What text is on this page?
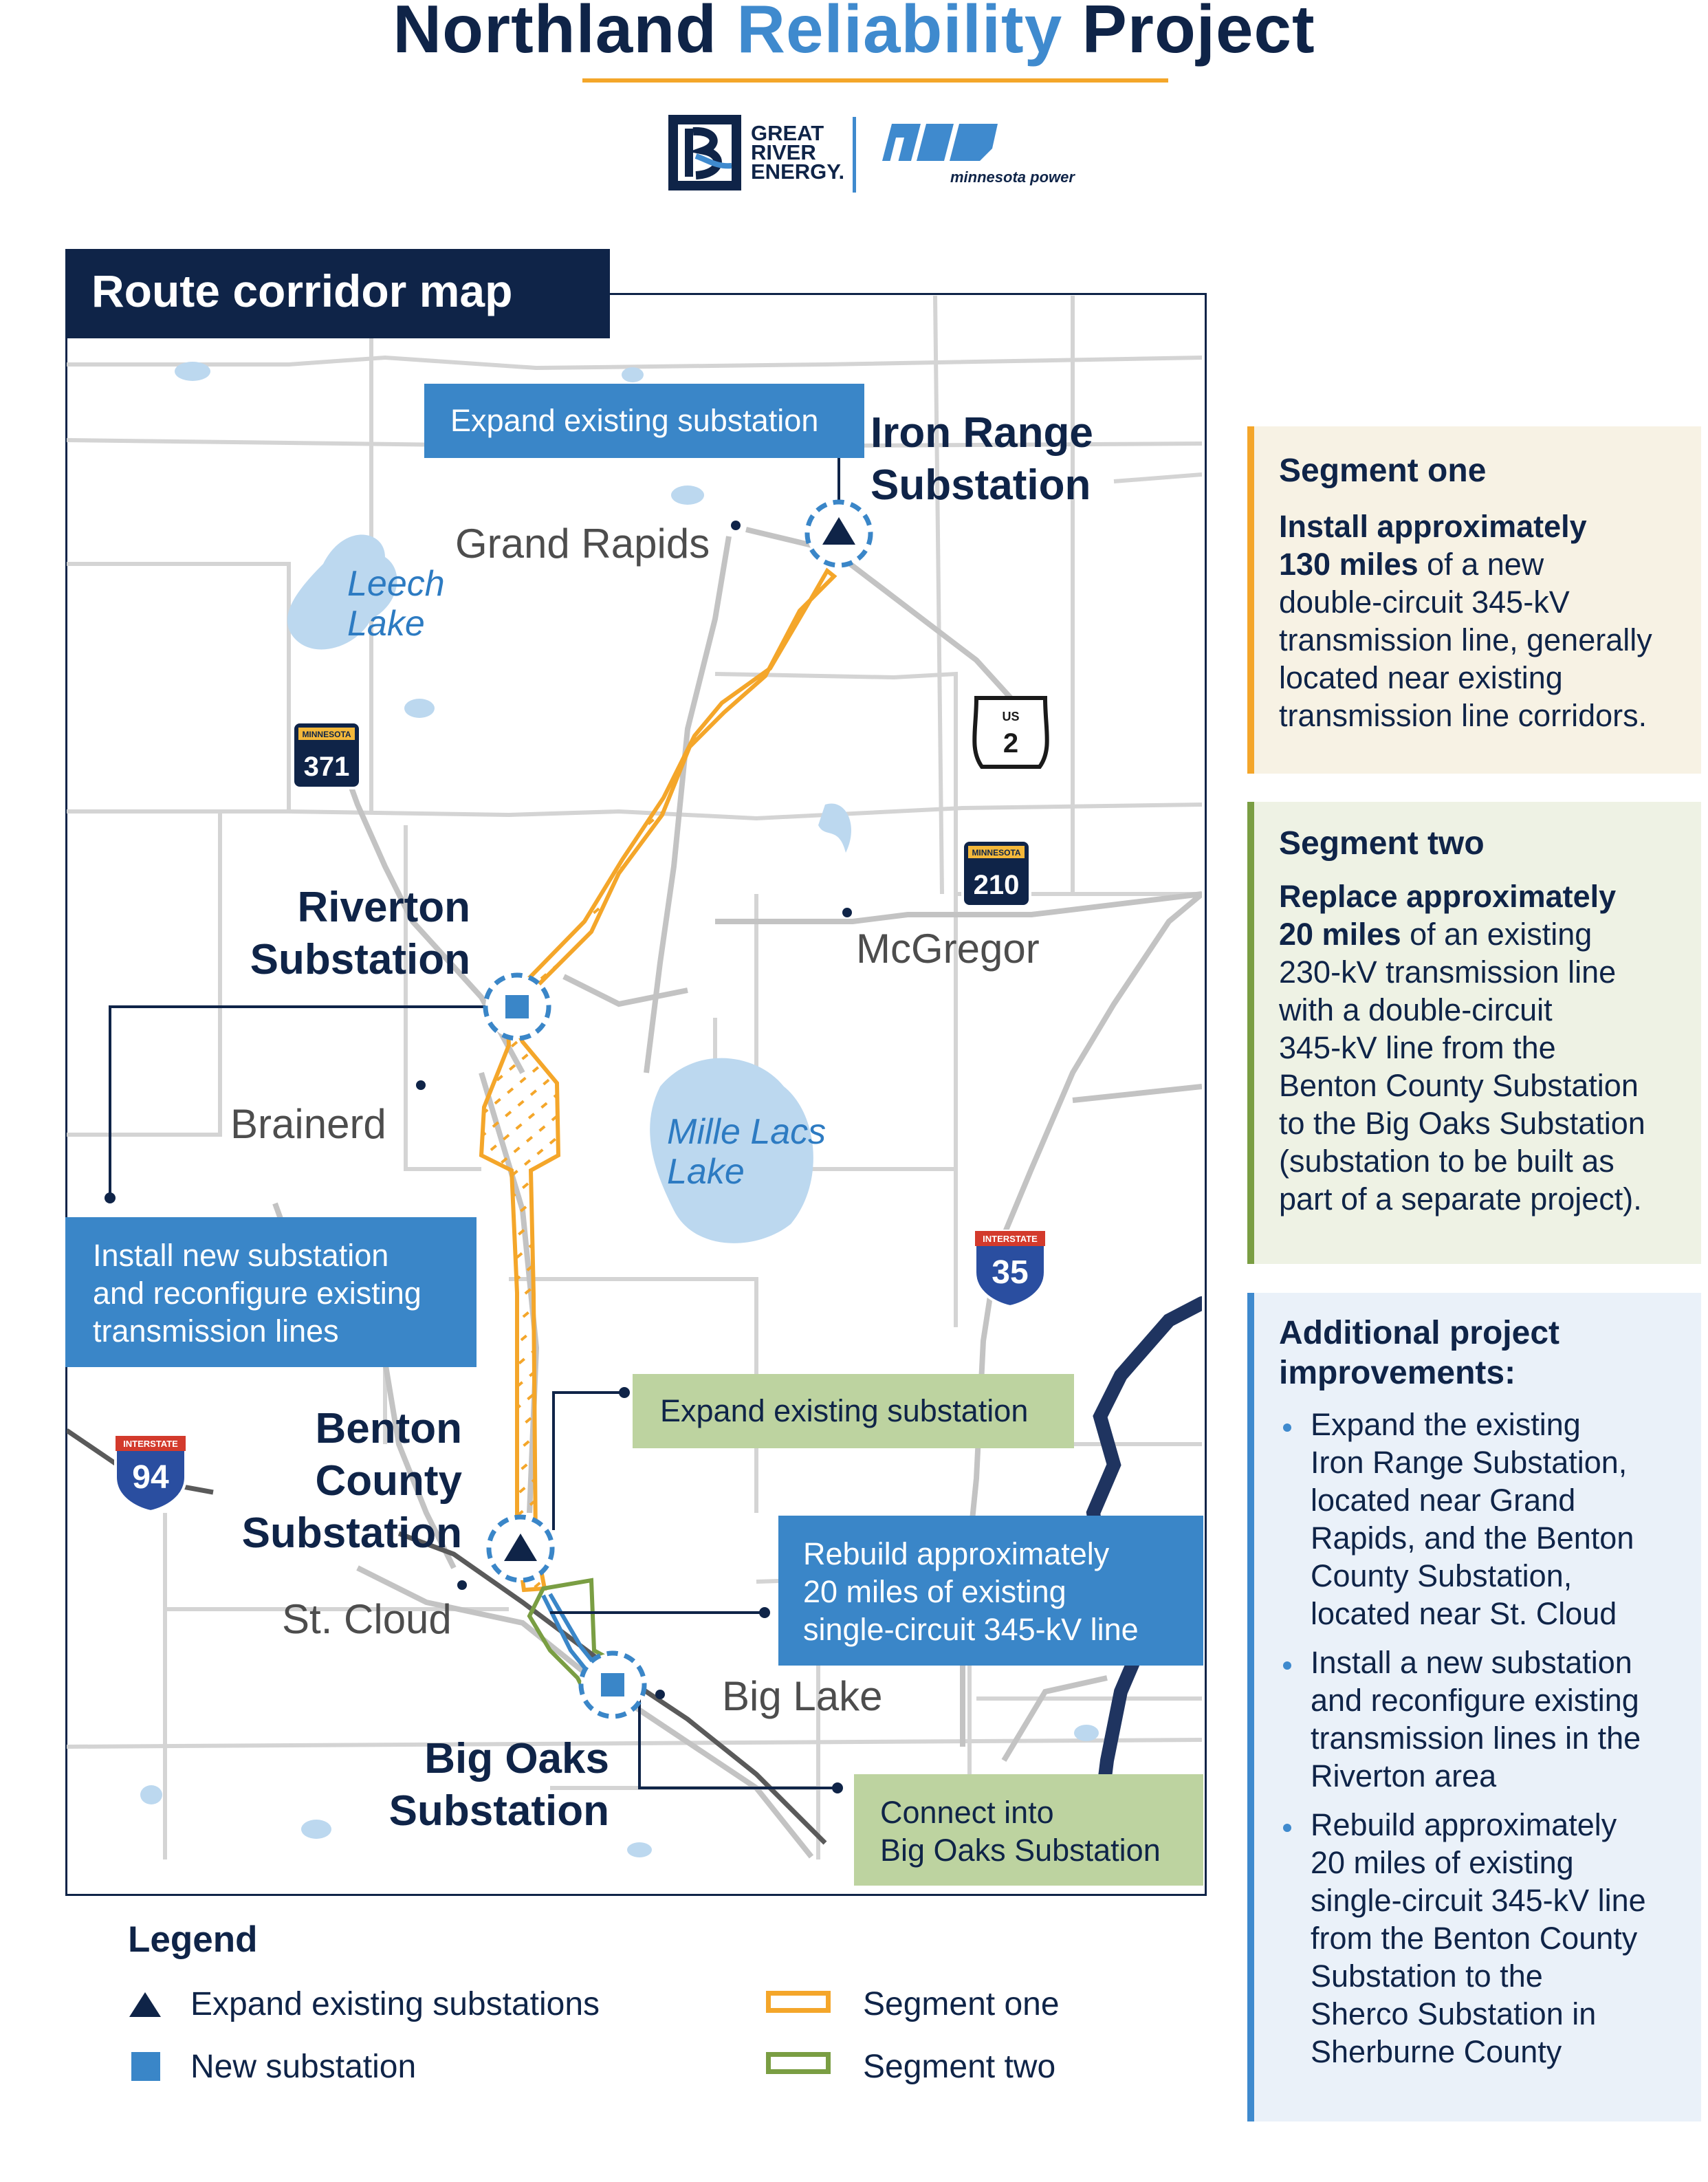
Northland Reliability Project
GREAT
RIVER
ENERGY.	minnesota power
MINNESOTA
371
MINNESOTA
210
US
2
INTERSTATE
35
INTERSTATE
94
Route corridor map
Iron Range
Substation
Riverton
Substation
Benton
County
Substation
Big Oaks
Substation
Grand Rapids
McGregor
Brainerd
St. Cloud
Big Lake
Leech
Lake
Mille Lacs
Lake
Expand existing substation
Install new substation
and reconfigure existing
transmission lines
Expand existing substation
Rebuild approximately
20 miles of existing
single-circuit 345-kV line
Connect into
Big Oaks Substation
Legend
Expand existing substations
New substation
Segment one
Segment two
Segment one
Install approximately
130 miles of a new
double-circuit 345-kV
transmission line, generally
located near existing
transmission line corridors.
Segment two
Replace approximately
20 miles of an existing
230-kV transmission line
with a double-circuit
345-kV line from the
Benton County Substation
to the Big Oaks Substation
(substation to be built as
part of a separate project).
Additional project
improvements:
Expand the existing
Iron Range Substation,
located near Grand
Rapids, and the Benton
County Substation,
located near St. Cloud
Install a new substation
and reconfigure existing
transmission lines in the
Riverton area
Rebuild approximately
20 miles of existing
single-circuit 345-kV line
from the Benton County
Substation to the
Sherco Substation in
Sherburne County
